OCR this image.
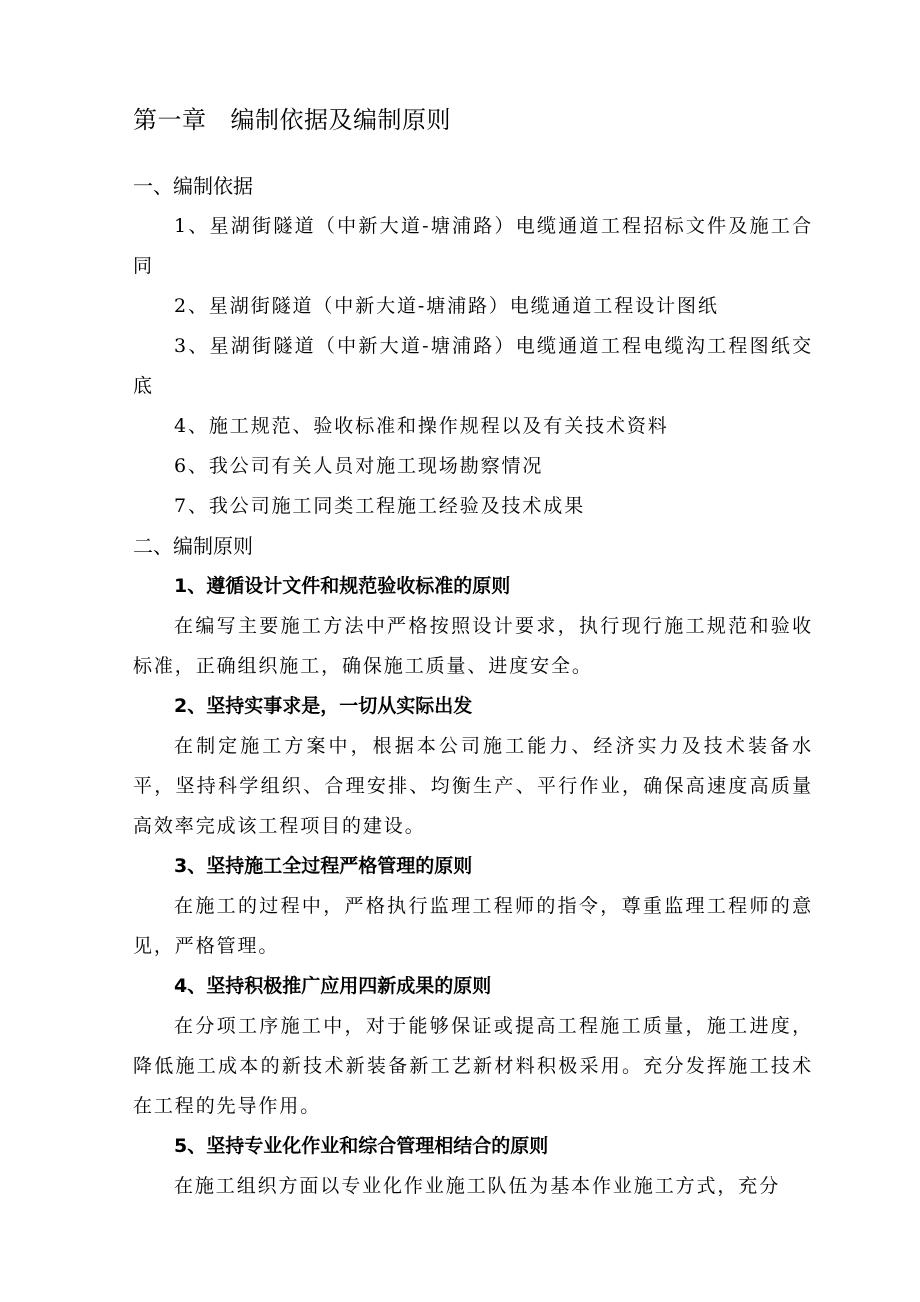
第一章 编制依据及编制原则
一、编制依据

1、星湖街隧道（中新大道-塘浦路）电缆通道工程招标文件及施工合同

2、星湖街隧道（中新大道-塘浦路）电缆通道工程设计图纸

3、星湖街隧道（中新大道-塘浦路）电缆通道工程电缆沟工程图纸交底

4、施工规范、验收标准和操作规程以及有关技术资料

6、我公司有关人员对施工现场勘察情况

7、我公司施工同类工程施工经验及技术成果

二、编制原则
1、遵循设计文件和规范验收标准的原则

在编写主要施工方法中严格按照设计要求，执行现行施工规范和验收标准，正确组织施工，确保施工质量、进度安全。

2、坚持实事求是，一切从实际出发

在制定施工方案中，根据本公司施工能力、经济实力及技术装备水平，坚持科学组织、合理安排、均衡生产、平行作业，确保高速度高质量高效率完成该工程项目的建设。

3、坚持施工全过程严格管理的原则

在施工的过程中，严格执行监理工程师的指令，尊重监理工程师的意见，严格管理。

4、坚持积极推广应用四新成果的原则

在分项工序施工中，对于能够保证或提高工程施工质量，施工进度，降低施工成本的新技术新装备新工艺新材料积极采用。充分发挥施工技术在工程的先导作用。

5、坚持专业化作业和综合管理相结合的原则

在施工组织方面以专业化作业施工队伍为基本作业施工方式，充分
